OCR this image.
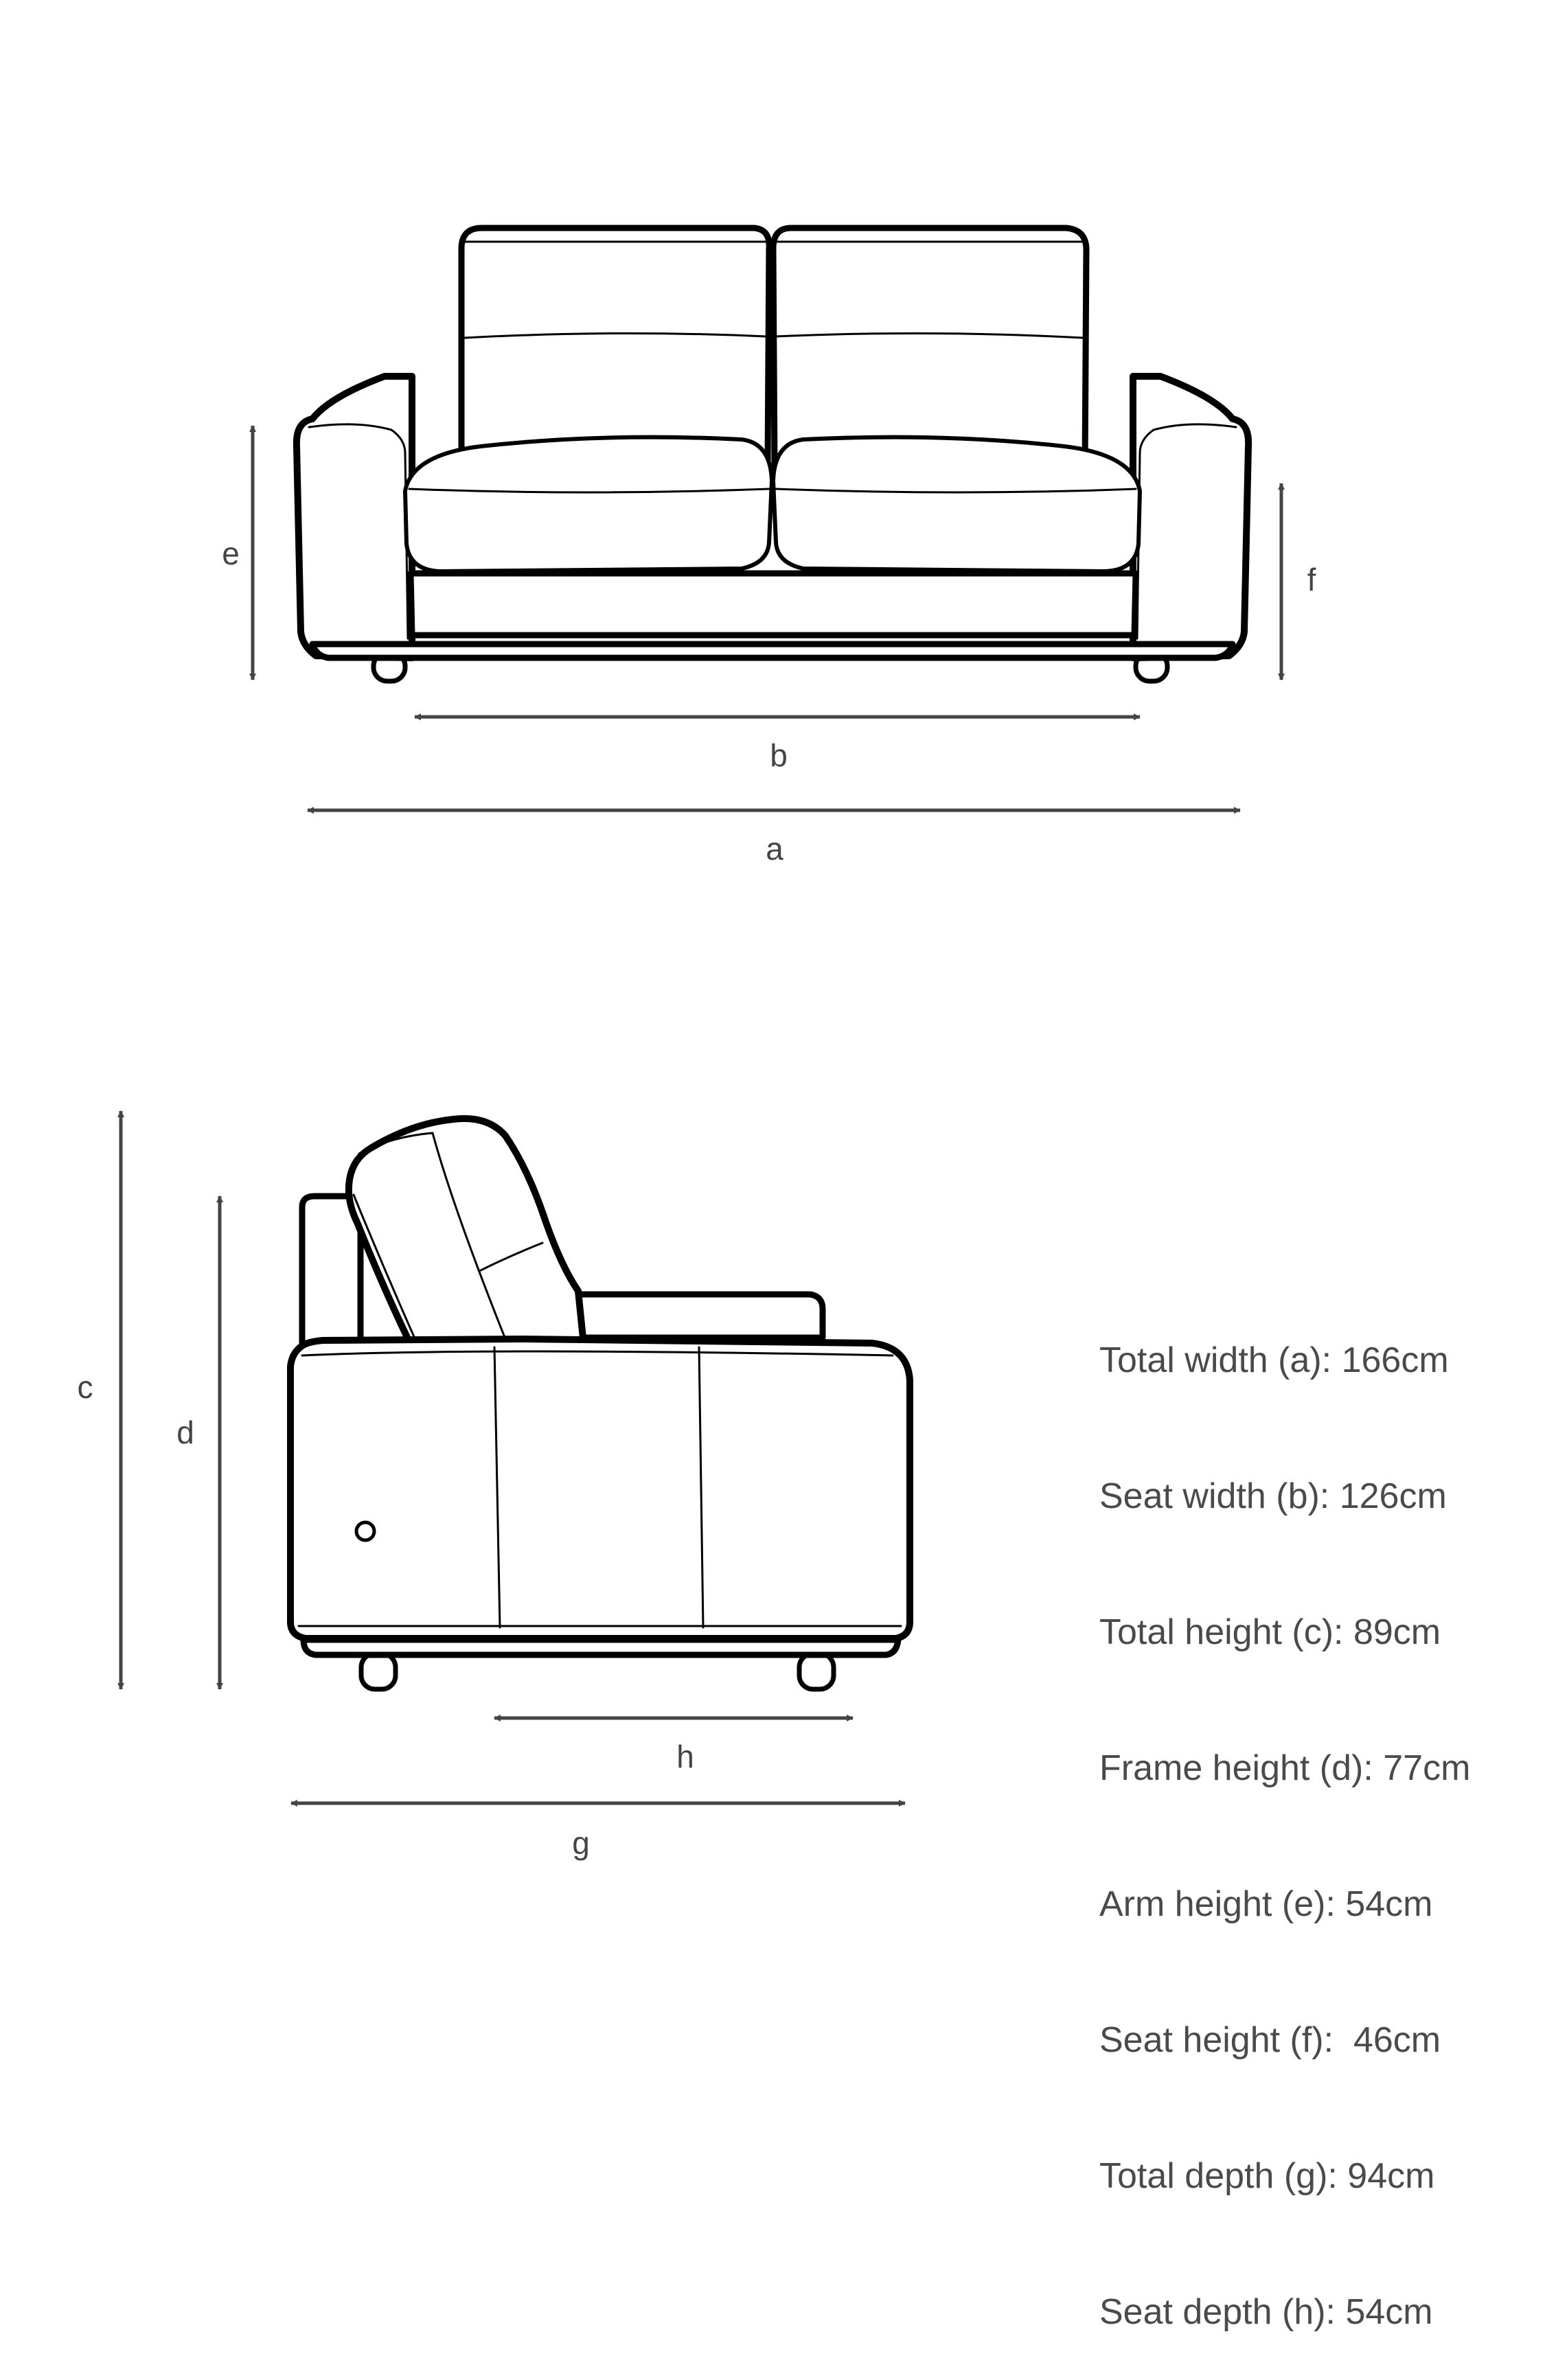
e
f
b
a
c
d
h
g

Total width (a): 166cm

Seat width (b): 126cm

Total height (c): 89cm

Frame height (d): 77cm

Arm height (e): 54cm

Seat height (f):  46cm

Total depth (g): 94cm

Seat depth (h): 54cm
